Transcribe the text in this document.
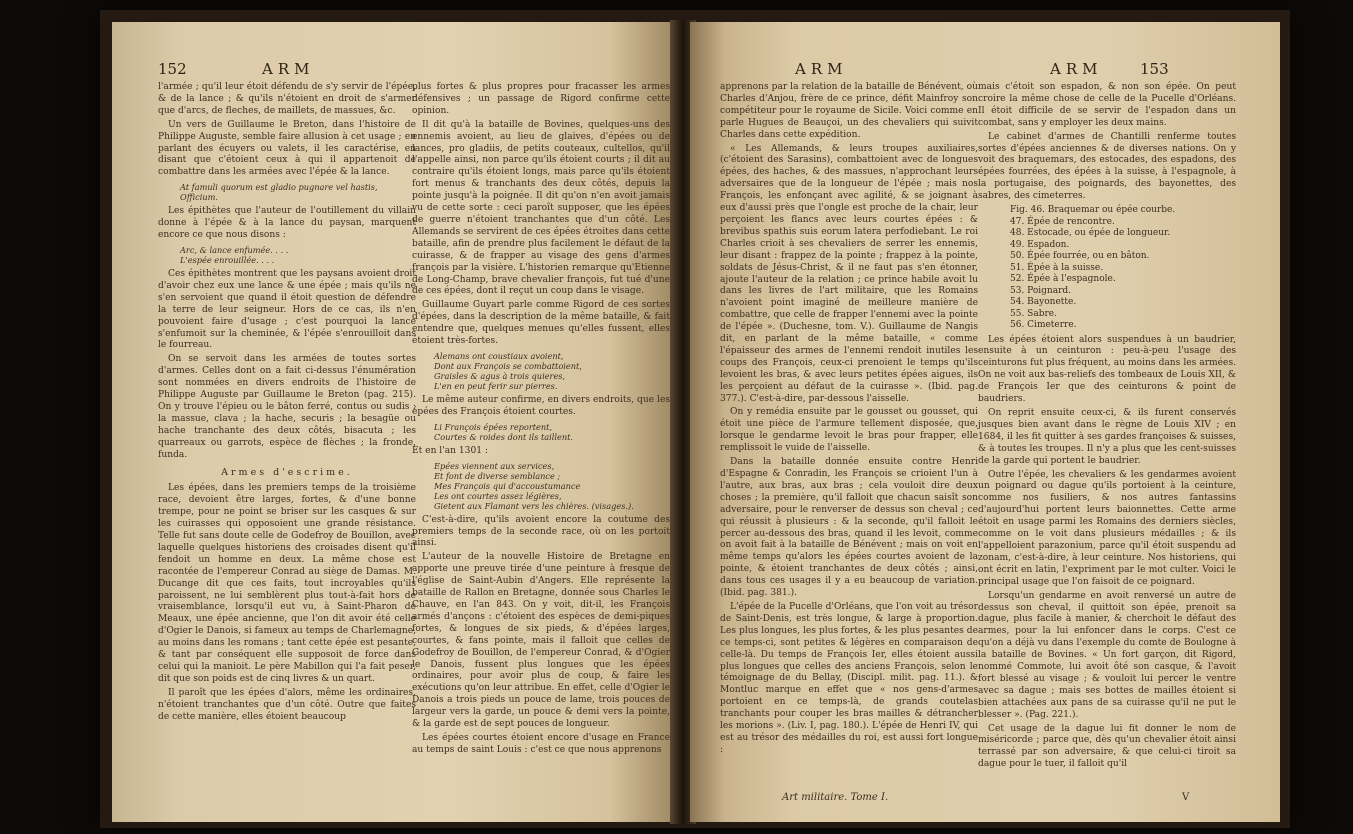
152	ARM

l'armée ; qu'il leur étoit défendu de s'y servir de l'épée, & de la lance ; & qu'ils n'étoient en droit de s'armer que d'arcs, de fleches, de maillets, de massues, &c.

Un vers de Guillaume le Breton, dans l'histoire de Philippe Auguste, semble faire allusion à cet usage ; en parlant des écuyers ou valets, il les caractérise, en disant que c'étoient ceux à qui il appartenoit de combattre dans les armées avec l'épée & la lance.

At famuli quorum est gladio pugnare vel hastis,
Officium.

Les épithètes que l'auteur de l'outillement du villain donne à l'épée & à la lance du paysan, marquent encore ce que nous disons :

Arc, & lance enfumée. . . .
L'espée enrouillée. . . .

Ces épithètes montrent que les paysans avoient droit d'avoir chez eux une lance & une épée ; mais qu'ils ne s'en servoient que quand il étoit question de défendre la terre de leur seigneur. Hors de ce cas, ils n'en pouvoient faire d'usage ; c'est pourquoi la lance s'enfumoit sur la cheminée, & l'épée s'enrouilloit dans le fourreau.

On se servoit dans les armées de toutes sortes d'armes. Celles dont on a fait ci-dessus l'énumération sont nommées en divers endroits de l'histoire de Philippe Auguste par Guillaume le Breton (pag. 215). On y trouve l'épieu ou le bâton ferré, contus ou sudis ; la massue, clava ; la hache, securis ; la besagüe ou hache tranchante des deux côtés, bisacuta ; les quarreaux ou garrots, espèce de flèches ; la fronde, funda.

Armes d'escrime.

Les épées, dans les premiers temps de la troisième race, devoient être larges, fortes, & d'une bonne trempe, pour ne point se briser sur les casques & sur les cuirasses qui opposoient une grande résistance. Telle fut sans doute celle de Godefroy de Bouillon, avec laquelle quelques historiens des croisades disent qu'il fendoit un homme en deux. La même chose est racontée de l'empereur Conrad au siège de Damas. M. Ducange dit que ces faits, tout incroyables qu'ils paroissent, ne lui semblèrent plus tout-à-fait hors de vraisemblance, lorsqu'il eut vu, à Saint-Pharon de Meaux, une épée ancienne, que l'on dit avoir été celle d'Ogier le Danois, si fameux au temps de Charlemagne, au moins dans les romans ; tant cette épée est pesante, & tant par conséquent elle supposoit de force dans celui qui la manioit. Le père Mabillon qui l'a fait peser, dit que son poids est de cinq livres & un quart.

Il paroît que les épées d'alors, même les ordinaires, n'étoient tranchantes que d'un côté. Outre que faites de cette manière, elles étoient beaucoup

plus fortes & plus propres pour fracasser les armes défensives ; un passage de Rigord confirme cette opinion.

Il dit qu'à la bataille de Bovines, quelques-uns des ennemis avoient, au lieu de glaives, d'épées ou de lances, pro gladiis, de petits couteaux, cultellos, qu'il l'appelle ainsi, non parce qu'ils étoient courts ; il dit au contraire qu'ils étoient longs, mais parce qu'ils étoient fort menus & tranchants des deux côtés, depuis la pointe jusqu'à la poignée. Il dit qu'on n'en avoit jamais vu de cette sorte : ceci paroît supposer, que les épées de guerre n'étoient tranchantes que d'un côté. Les Allemands se servirent de ces épées étroites dans cette bataille, afin de prendre plus facilement le défaut de la cuirasse, & de frapper au visage des gens d'armes françois par la visière. L'historien remarque qu'Etienne de Long-Champ, brave chevalier françois, fut tué d'une de ces épées, dont il reçut un coup dans le visage.

Guillaume Guyart parle comme Rigord de ces sortes d'épées, dans la description de la même bataille, & fait entendre que, quelques menues qu'elles fussent, elles étoient très-fortes.

Alemans ont coustiaux avoient,
Dont aux François se combattoient,
Graisles & agus à trois quieres,
L'en en peut ferir sur pierres.

Le même auteur confirme, en divers endroits, que les épées des François étoient courtes.

Li François épées reportent,
Courtes & roides dont ils taillent.

Et en l'an 1301 :

Epées viennent aux services,
Et font de diverse semblance ;
Mes François qui d'accoustumance
Les ont courtes assez légières,
Gietent aux Flamant vers les chières. (visages.).

C'est-à-dire, qu'ils avoient encore la coutume des premiers temps de la seconde race, où on les portoit ainsi.

L'auteur de la nouvelle Histoire de Bretagne en apporte une preuve tirée d'une peinture à fresque de l'église de Saint-Aubin d'Angers. Elle représente la bataille de Rallon en Bretagne, donnée sous Charles le Chauve, en l'an 843. On y voit, dit-il, les François armés d'ançons : c'étoient des espèces de demi-piques fortes, & longues de six pieds, & d'épées larges, courtes, & fans pointe, mais il falloit que celles de Godefroy de Bouillon, de l'empereur Conrad, & d'Ogier le Danois, fussent plus longues que les épées ordinaires, pour avoir plus de coup, & faire les exécutions qu'on leur attribue. En effet, celle d'Ogier le Danois a trois pieds un pouce de lame, trois pouces de largeur vers la garde, un pouce & demi vers la pointe, & la garde est de sept pouces de longueur.

Les épées courtes étoient encore d'usage en France au temps de saint Louis : c'est ce que nous apprenons

ARM	ARM	153

apprenons par la relation de la bataille de Bénévent, où Charles d'Anjou, frère de ce prince, défit Mainfroy son compétiteur pour le royaume de Sicile. Voici comme en parle Hugues de Beauçoi, un des chevaliers qui suivit Charles dans cette expédition.

« Les Allemands, & leurs troupes auxiliaires, (c'étoient des Sarasins), combattoient avec de longues épées, des haches, & des massues, n'approchant leurs adversaires que de la longueur de l'épée ; mais nos François, les enfonçant avec agilité, & se joignant à eux d'aussi près que l'ongle est proche de la chair, leur perçoient les flancs avec leurs courtes épées : & brevibus spathis suis eorum latera perfodiebant. Le roi Charles crioit à ses chevaliers de serrer les ennemis, leur disant : frappez de la pointe ; frappez à la pointe, soldats de Jésus-Christ, & il ne faut pas s'en étonner, ajoute l'auteur de la relation ; ce prince habile avoit lu dans les livres de l'art militaire, que les Romains n'avoient point imaginé de meilleure manière de combattre, que celle de frapper l'ennemi avec la pointe de l'épée ». (Duchesne, tom. V.). Guillaume de Nangis dit, en parlant de la même bataille, « comme l'épaisseur des armes de l'ennemi rendoit inutiles les coups des François, ceux-ci prenoient le temps qu'ils levoient les bras, & avec leurs petites épées aigues, ils les perçoient au défaut de la cuirasse ». (Ibid. pag. 377.). C'est-à-dire, par-dessous l'aisselle.

On y remédia ensuite par le gousset ou gousset, qui étoit une pièce de l'armure tellement disposée, que, lorsque le gendarme levoit le bras pour frapper, elle remplissoit le vuide de l'aisselle.

Dans la bataille donnée ensuite contre Henri d'Espagne & Conradin, les François se crioient l'un à l'autre, aux bras, aux bras ; cela vouloit dire deux choses ; la première, qu'il falloit que chacun saisît son adversaire, pour le renverser de dessus son cheval ; ce qui réussit à plusieurs : & la seconde, qu'il falloit le percer au-dessous des bras, quand il les levoit, comme on avoit fait à la bataille de Bénévent ; mais on voit en même temps qu'alors les épées courtes avoient de la pointe, & étoient tranchantes de deux côtés ; ainsi, dans tous ces usages il y a eu beaucoup de variation. (Ibid. pag. 381.).

L'épée de la Pucelle d'Orléans, que l'on voit au trésor de Saint-Denis, est très longue, & large à proportion. Les plus longues, les plus fortes, & les plus pesantes de ce temps-ci, sont petites & légères en comparaison de celle-là. Du temps de François Ier, elles étoient aussi plus longues que celles des anciens François, selon le témoignage de du Bellay, (Discipl. milit. pag. 11.). & Montluc marque en effet que « nos gens-d'armes portoient en ce temps-là, de grands coutelas tranchants pour couper les bras mailles & détrancher les morions ». (Liv. I, pag. 180.). L'épée de Henri IV, qui est au trésor des médailles du roi, est aussi fort longue :

mais c'étoit son espadon, & non son épée. On peut croire la même chose de celle de la Pucelle d'Orléans. Il étoit difficile de se servir de l'espadon dans un combat, sans y employer les deux mains.

Le cabinet d'armes de Chantilli renferme toutes sortes d'épées anciennes & de diverses nations. On y voit des braquemars, des estocades, des espadons, des épées fourrées, des épées à la suisse, à l'espagnole, à la portugaise, des poignards, des bayonettes, des sabres, des cimeterres.

Fig. 46. Braquemar ou épée courbe.
47. Épée de rencontre.
48. Estocade, ou épée de longueur.
49. Espadon.
50. Épée fourrée, ou en bâton.
51. Épée à la suisse.
52. Épée à l'espagnole.
53. Poignard.
54. Bayonette.
55. Sabre.
56. Cimeterre.

Les épées étoient alors suspendues à un baudrier, ensuite à un ceinturon : peu-à-peu l'usage des ceinturons fut plus fréquent, au moins dans les armées. On ne voit aux bas-reliefs des tombeaux de Louis XII, & de François Ier que des ceinturons & point de baudriers.

On reprit ensuite ceux-ci, & ils furent conservés jusques bien avant dans le règne de Louis XIV ; en 1684, il les fit quitter à ses gardes françoises & suisses, & à toutes les troupes. Il n'y a plus que les cent-suisses de la garde qui portent le baudrier.

Outre l'épée, les chevaliers & les gendarmes avoient un poignard ou dague qu'ils portoient à la ceinture, comme nos fusiliers, & nos autres fantassins d'aujourd'hui portent leurs baionnettes. Cette arme étoit en usage parmi les Romains des derniers siècles, comme on le voit dans plusieurs médailles ; & ils l'appelloient parazonium, parce qu'il étoit suspendu ad zonam, c'est-à-dire, à leur ceinture. Nos historiens, qui ont écrit en latin, l'expriment par le mot culter. Voici le principal usage que l'on faisoit de ce poignard.

Lorsqu'un gendarme en avoit renversé un autre de dessus son cheval, il quittoit son épée, prenoit sa dague, plus facile à manier, & cherchoit le défaut des armes, pour la lui enfoncer dans le corps. C'est ce qu'on a déjà vu dans l'exemple du comte de Boulogne à la bataille de Bovines. « Un fort garçon, dit Rigord, nommé Commote, lui avoit ôté son casque, & l'avoit fort blessé au visage ; & vouloit lui percer le ventre avec sa dague ; mais ses bottes de mailles étoient si bien attachées aux pans de sa cuirasse qu'il ne put le blesser ». (Pag. 221.).

Cet usage de la dague lui fit donner le nom de miséricorde ; parce que, dès qu'un chevalier étoit ainsi terrassé par son adversaire, & que celui-ci tiroit sa dague pour le tuer, il falloit qu'il

Art militaire. Tome I.	V
